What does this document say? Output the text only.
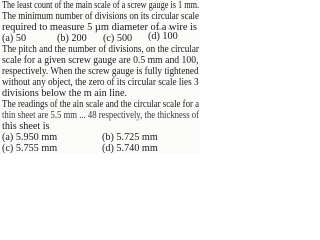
The least count of the main scale of a screw gauge is 1 mm.
The minimum number of divisions on its circular scale
required to measure 5 µm diameter of a wire is
(a) 50	(b) 200 (c) 500 (d) 100
The pitch and the number of divisions, on the circular
scale for a given screw gauge are 0.5 mm and 100,
respectively. When the screw gauge is fully tightened
without any object, the zero of its circular scale lies 3
divisions below the m ain line.
The readings of the ain scale and the circular scale for a
thin sheet are 5.5 mm ... 48 respectively, the thickness of
this sheet is
(a) 5.950 mm	(b) 5.725 mm
(c) 5.755 mm	(d) 5.740 mm
